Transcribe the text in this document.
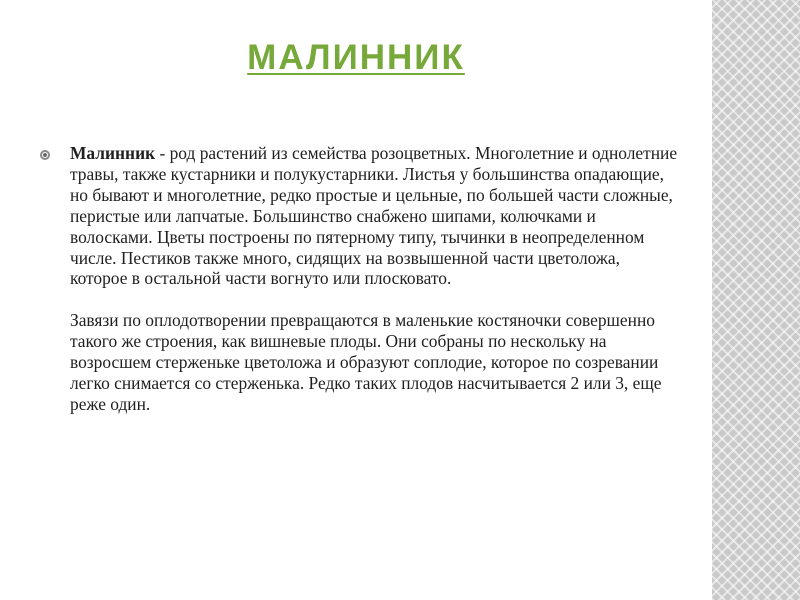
МАЛИННИК

Малинник - род растений из семейства розоцветных. Многолетние и однолетние травы, также кустарники и полукустарники. Листья у большинства опадающие, но бывают и многолетние, редко простые и цельные, по большей части сложные, перистые или лапчатые. Большинство снабжено шипами, колючками и волосками. Цветы построены по пятерному типу, тычинки в неопределенном числе. Пестиков также много, сидящих на возвышенной части цветоложа, которое в остальной части вогнуто или плосковато.

Завязи по оплодотворении превращаются в маленькие костяночки совершенно такого же строения, как вишневые плоды. Они собраны по нескольку на возросшем стерженьке цветоложа и образуют соплодие, которое по созревании легко снимается со стерженька. Редко таких плодов насчитывается 2 или 3, еще реже один.
